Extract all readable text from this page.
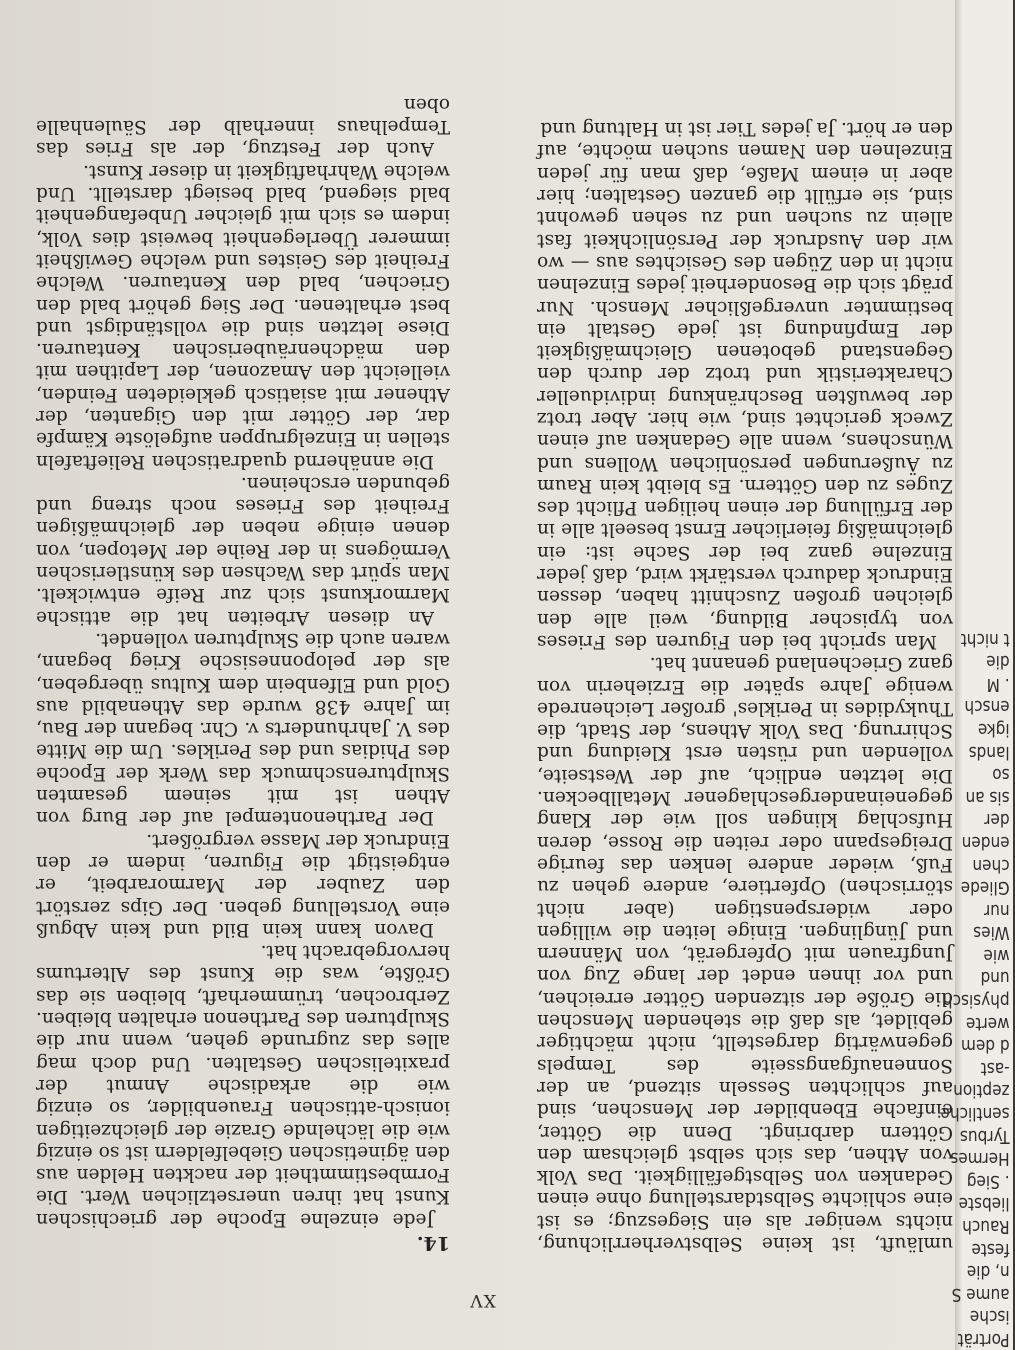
XV

umläuft, ist keine Selbstverherrlichung, nichts weniger als ein Siegeszug; es ist eine schlichte Selbstdarstellung ohne einen Gedanken von Selbstgefälligkeit. Das Volk von Athen, das sich selbst gleichsam den Göttern darbringt. Denn die Götter, einfache Ebenbilder der Menschen, sind auf schlichten Sesseln sitzend, an der Sonnenaufgangsseite des Tempels gegenwärtig dargestellt, nicht mächtiger gebildet, als daß die stehenden Menschen die Größe der sitzenden Götter erreichen, und vor ihnen endet der lange Zug von Jungfrauen mit Opfergerät, von Männern und Jünglingen. Einige leiten die willigen oder widerspenstigen (aber nicht störrischen) Opfertiere, andere gehen zu Fuß, wieder andere lenken das feurige Dreigespann oder reiten die Rosse, deren Hufschlag klingen soll wie der Klang gegeneinandergeschlagener Metallbecken. Die letzten endlich, auf der Westseite, vollenden und rüsten erst Kleidung und Schirrung. Das Volk Athens, der Stadt, die Thukydides in Perikles' großer Leichenrede wenige Jahre später die Erzieherin von ganz Griechenland genannt hat.

Man spricht bei den Figuren des Frieses von typischer Bildung, weil alle den gleichen großen Zuschnitt haben, dessen Eindruck dadurch verstärkt wird, daß jeder Einzelne ganz bei der Sache ist: ein gleichmäßig feierlicher Ernst beseelt alle in der Erfüllung der einen heiligen Pflicht des Zuges zu den Göttern. Es bleibt kein Raum zu Äußerungen persönlichen Wollens und Wünschens, wenn alle Gedanken auf einen Zweck gerichtet sind, wie hier. Aber trotz der bewußten Beschränkung individueller Charakteristik und trotz der durch den Gegenstand gebotenen Gleichmäßigkeit der Empfindung ist jede Gestalt ein bestimmter unvergeßlicher Mensch. Nur prägt sich die Besonderheit jedes Einzelnen nicht in den Zügen des Gesichtes aus — wo wir den Ausdruck der Persönlichkeit fast allein zu suchen und zu sehen gewohnt sind, sie erfüllt die ganzen Gestalten; hier aber in einem Maße, daß man für jeden Einzelnen den Namen suchen möchte, auf den er hört. Ja jedes Tier ist in Haltung und

14.

Jede einzelne Epoche der griechischen Kunst hat ihren unersetzlichen Wert. Die Formbestimmtheit der nackten Helden aus den äginetischen Giebelfeldern ist so einzig wie die lächelnde Grazie der gleichzeitigen ionisch-attischen Frauenbilder, so einzig wie die arkadische Anmut der praxitelischen Gestalten. Und doch mag alles das zugrunde gehen, wenn nur die Skulpturen des Parthenon erhalten bleiben. Zerbrochen, trümmerhaft, bleiben sie das Größte, was die Kunst des Altertums hervorgebracht hat.

Davon kann kein Bild und kein Abguß eine Vorstellung geben. Der Gips zerstört den Zauber der Marmorarbeit, er entgeistigt die Figuren, indem er den Eindruck der Masse vergrößert.

Der Parthenontempel auf der Burg von Athen ist mit seinem gesamten Skulpturenschmuck das Werk der Epoche des Phidias und des Perikles. Um die Mitte des V. Jahrhunderts v. Chr. begann der Bau, im Jahre 438 wurde das Athenabild aus Gold und Elfenbein dem Kultus übergeben, als der peloponnesische Krieg begann, waren auch die Skulpturen vollendet.

An diesen Arbeiten hat die attische Marmorkunst sich zur Reife entwickelt. Man spürt das Wachsen des künstlerischen Vermögens in der Reihe der Metopen, von denen einige neben der gleichmäßigen Freiheit des Frieses noch streng und gebunden erscheinen.

Die annähernd quadratischen Relieftafeln stellen in Einzelgruppen aufgelöste Kämpfe dar, der Götter mit den Giganten, der Athener mit asiatisch gekleideten Feinden, vielleicht den Amazonen, der Lapithen mit den mädchenräuberischen Kentauren. Diese letzten sind die vollständigst und best erhaltenen. Der Sieg gehört bald den Griechen, bald den Kentauren. Welche Freiheit des Geistes und welche Gewißheit immerer Überlegenheit beweist dies Volk, indem es sich mit gleicher Unbefangenheit bald siegend, bald besiegt darstellt. Und welche Wahrhaftigkeit in dieser Kunst.

Auch der Festzug, der als Fries das Tempelhaus innerhalb der Säulenhalle oben

Porträt
ische
aume
n, die
feste
Rauch
liebste
. Sieg
Hermes
Tyrbus
sentliche
zeption
-ast
d dem
werte
physisch
und
wie
Wies
nur
Gliede
chen
enden
der
sis an
so
lands
igke
ensch
. M
die
t nicht
